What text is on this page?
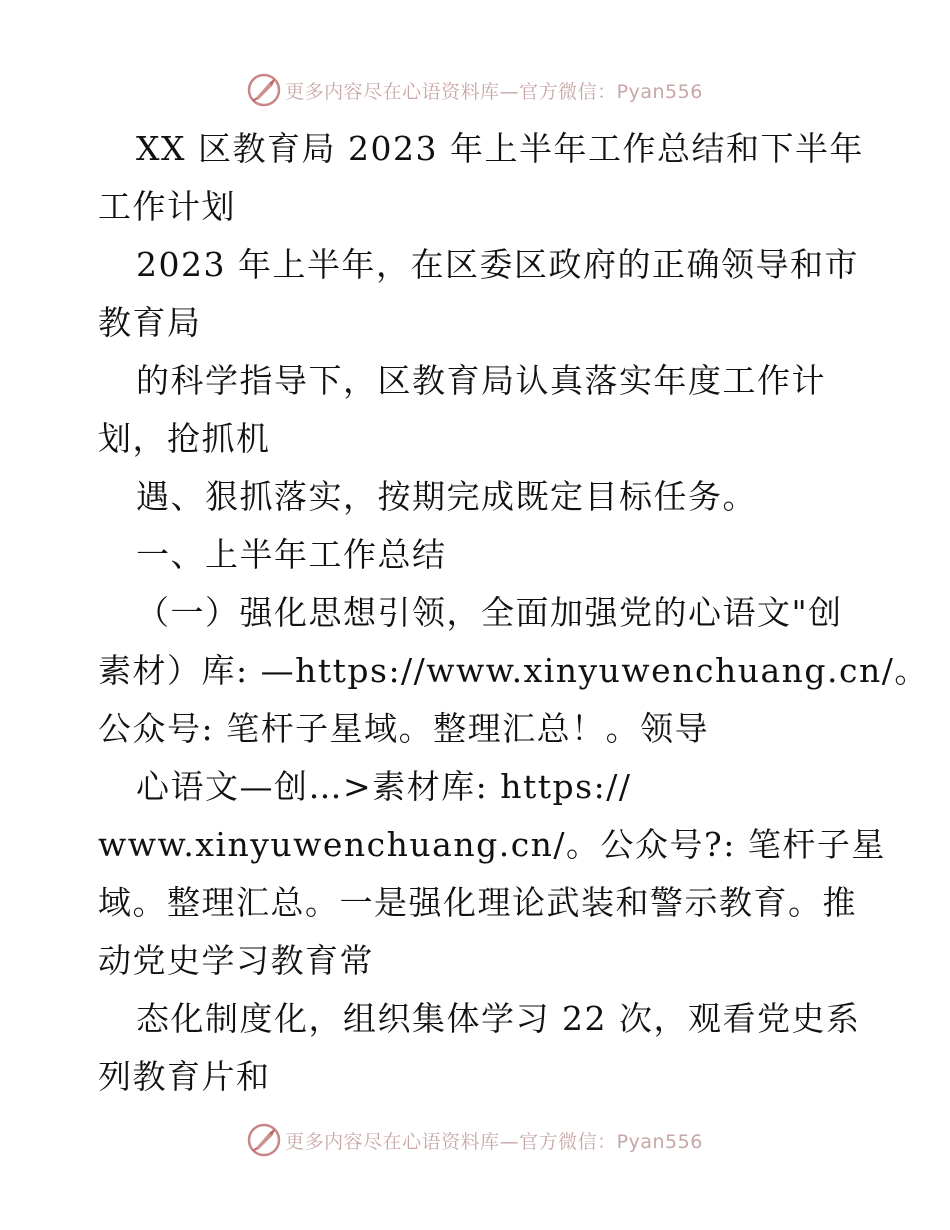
更多内容尽在心语资料库—官方微信：Pyan556
XX 区教育局 2023 年上半年工作总结和下半年
工作计划
2023 年上半年，在区委区政府的正确领导和市
教育局
的科学指导下，区教育局认真落实年度工作计
划，抢抓机
遇、狠抓落实，按期完成既定目标任务。
一、上半年工作总结
（一）强化思想引领，全面加强党的心语文"创
素材）库: —https://www.xinyuwenchuang.cn/。
公众号: 笔杆子星域。整理汇总！。领导
心语文—创…>素材库: https://
www.xinyuwenchuang.cn/。公众号?: 笔杆子星
域。整理汇总。一是强化理论武装和警示教育。推
动党史学习教育常
态化制度化，组织集体学习 22 次，观看党史系
列教育片和
更多内容尽在心语资料库—官方微信：Pyan556
